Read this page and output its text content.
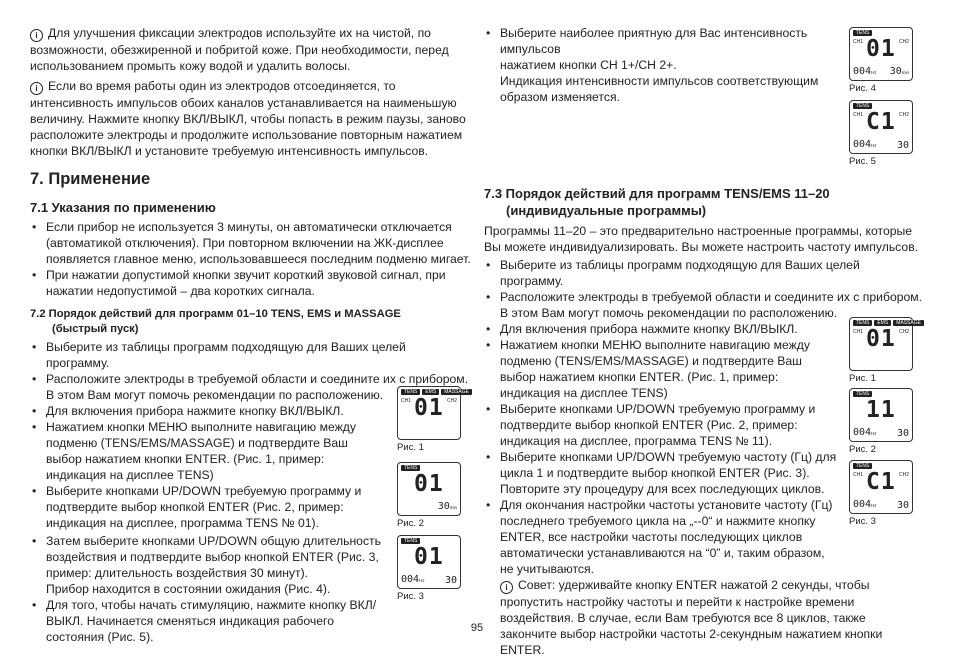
i Для улучшения фиксации электродов используйте их на чистой, по возможности, обезжиренной и побритой коже. При необходимости, перед использованием промыть кожу водой и удалить волосы.

i Если во время работы один из электродов отсоединяется, то интенсивность импульсов обоих каналов устанавливается на наименьшую величину. Нажмите кнопку ВКЛ/ВЫКЛ, чтобы попасть в режим паузы, заново расположите электроды и продолжите использование повторным нажатием кнопки ВКЛ/ВЫКЛ и установите требуемую интенсивность импульсов.

7. Применение
7.1 Указания по применению
• Если прибор не используется 3 минуты, он автоматически отключается (автоматикой отключения). При повторном включении на ЖК-дисплее появляется главное меню, использовавшееся последним подменю мигает.
• При нажатии допустимой кнопки звучит короткий звуковой сигнал, при нажатии недопустимой – два коротких сигнала.
7.2 Порядок действий для программ 01–10 TENS, EMS и MASSAGE
(быстрый пуск)
• Выберите из таблицы программ подходящую для Ваших целей программу.
• Расположите электроды в требуемой области и соедините их с прибором. В этом Вам могут помочь рекомендации по расположению.
• Для включения прибора нажмите кнопку ВКЛ/ВЫКЛ.
• Нажатием кнопки МЕНЮ выполните навигацию между подменю (TENS/EMS/MASSAGE) и подтвердите Ваш выбор нажатием кнопки ENTER. (Рис. 1, пример: индикация на дисплее TENS)
• Выберите кнопками UP/DOWN требуемую программу и подтвердите выбор кнопкой ENTER (Рис. 2, пример: индикация на дисплее, программа TENS № 01).
• Затем выберите кнопками UP/DOWN общую длительность воздействия и подтвердите выбор кнопкой ENTER (Рис. 3, пример: длительность воздействия 30 минут).
Прибор находится в состоянии ожидания (Рис. 4).
• Для того, чтобы начать стимуляцию, нажмите кнопку ВКЛ/ВЫКЛ. Начинается сменяться индикация рабочего состояния (Рис. 5).
TENS	EMS	MASSAGE
CH1	CH2
01
Рис. 1
TENS
01
30min
Рис. 2
TENS
01
004Hz 30
Рис. 3
• Выберите наиболее приятную для Вас интенсивность импульсов
нажатием кнопки CH 1+/CH 2+.
Индикация интенсивности импульсов соответствующим образом изменяется.
7.3 Порядок действий для программ TENS/EMS 11–20
(индивидуальные программы)

Программы 11–20 – это предварительно настроенные программы, которые Вы можете индивидуализировать. Вы можете настроить частоту импульсов.

• Выберите из таблицы программ подходящую для Ваших целей программу.
• Расположите электроды в требуемой области и соедините их с прибором. В этом Вам могут помочь рекомендации по расположению.
• Для включения прибора нажмите кнопку ВКЛ/ВЫКЛ.
• Нажатием кнопки МЕНЮ выполните навигацию между подменю (TENS/EMS/MASSAGE) и подтвердите Ваш выбор нажатием кнопки ENTER. (Рис. 1, пример: индикация на дисплее TENS)
• Выберите кнопками UP/DOWN требуемую программу и подтвердите выбор кнопкой ENTER (Рис. 2, пример: индикация на дисплее, программа TENS № 11).
• Выберите кнопками UP/DOWN требуемую частоту (Гц) для цикла 1 и подтвердите выбор кнопкой ENTER (Рис. 3). Повторите эту процедуру для всех последующих циклов.
• Для окончания настройки частоты установите частоту (Гц) последнего требуемого цикла на „--0“ и нажмите кнопку ENTER, все настройки частоты последующих циклов автоматически устанавливаются на “0” и, таким образом, не учитываются.

i Совет: удерживайте кнопку ENTER нажатой 2 секунды, чтобы пропустить настройку частоты и перейти к настройке времени воздействия. В случае, если Вам требуются все 8 циклов, также закончите выбор настройки частоты 2-секундным нажатием кнопки ENTER.

TENS
CH1	CH2
01
004Hz 30min
Рис. 4
TENS
CH1	CH2
C1
004Hz 30
Рис. 5
TENS	EMS	MASSAGE
CH1	CH2
01
Рис. 1
TENS
11
004Hz 30
Рис. 2
TENS
CH1	CH2
C1
004Hz 30
Рис. 3
95
